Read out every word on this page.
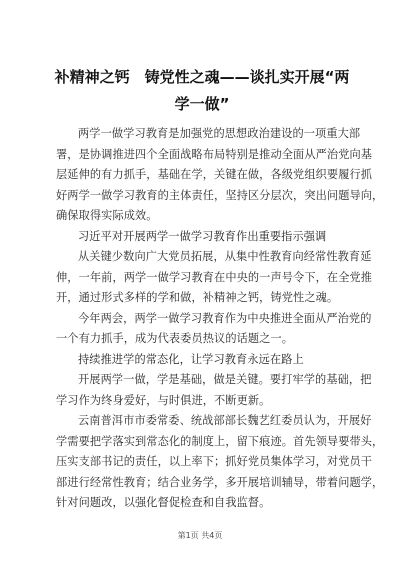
补精神之钙　铸党性之魂——谈扎实开展“两
学一做”
两学一做学习教育是加强党的思想政治建设的一项重大部
署，是协调推进四个全面战略布局特别是推动全面从严治党向基
层延伸的有力抓手，基础在学，关键在做，各级党组织要履行抓
好两学一做学习教育的主体责任，坚持区分层次，突出问题导向，
确保取得实际成效。
习近平对开展两学一做学习教育作出重要指示强调
从关键少数向广大党员拓展，从集中性教育向经常性教育延
伸，一年前，两学一做学习教育在中央的一声号令下，在全党推
开，通过形式多样的学和做，补精神之钙，铸党性之魂。
今年两会，两学一做学习教育作为中央推进全面从严治党的
一个有力抓手，成为代表委员热议的话题之一。
持续推进学的常态化，让学习教育永远在路上
开展两学一做，学是基础，做是关键。要打牢学的基础，把
学习作为终身爱好，与时俱进，不断更新。
云南普洱市市委常委、统战部部长魏艺红委员认为，开展好
学需要把学落实到常态化的制度上，留下痕迹。首先领导要带头，
压实支部书记的责任，以上率下；抓好党员集体学习，对党员干
部进行经常性教育；结合业务学，多开展培训辅导，带着问题学，
针对问题改，以强化督促检查和自我监督。
第1页 共4页
